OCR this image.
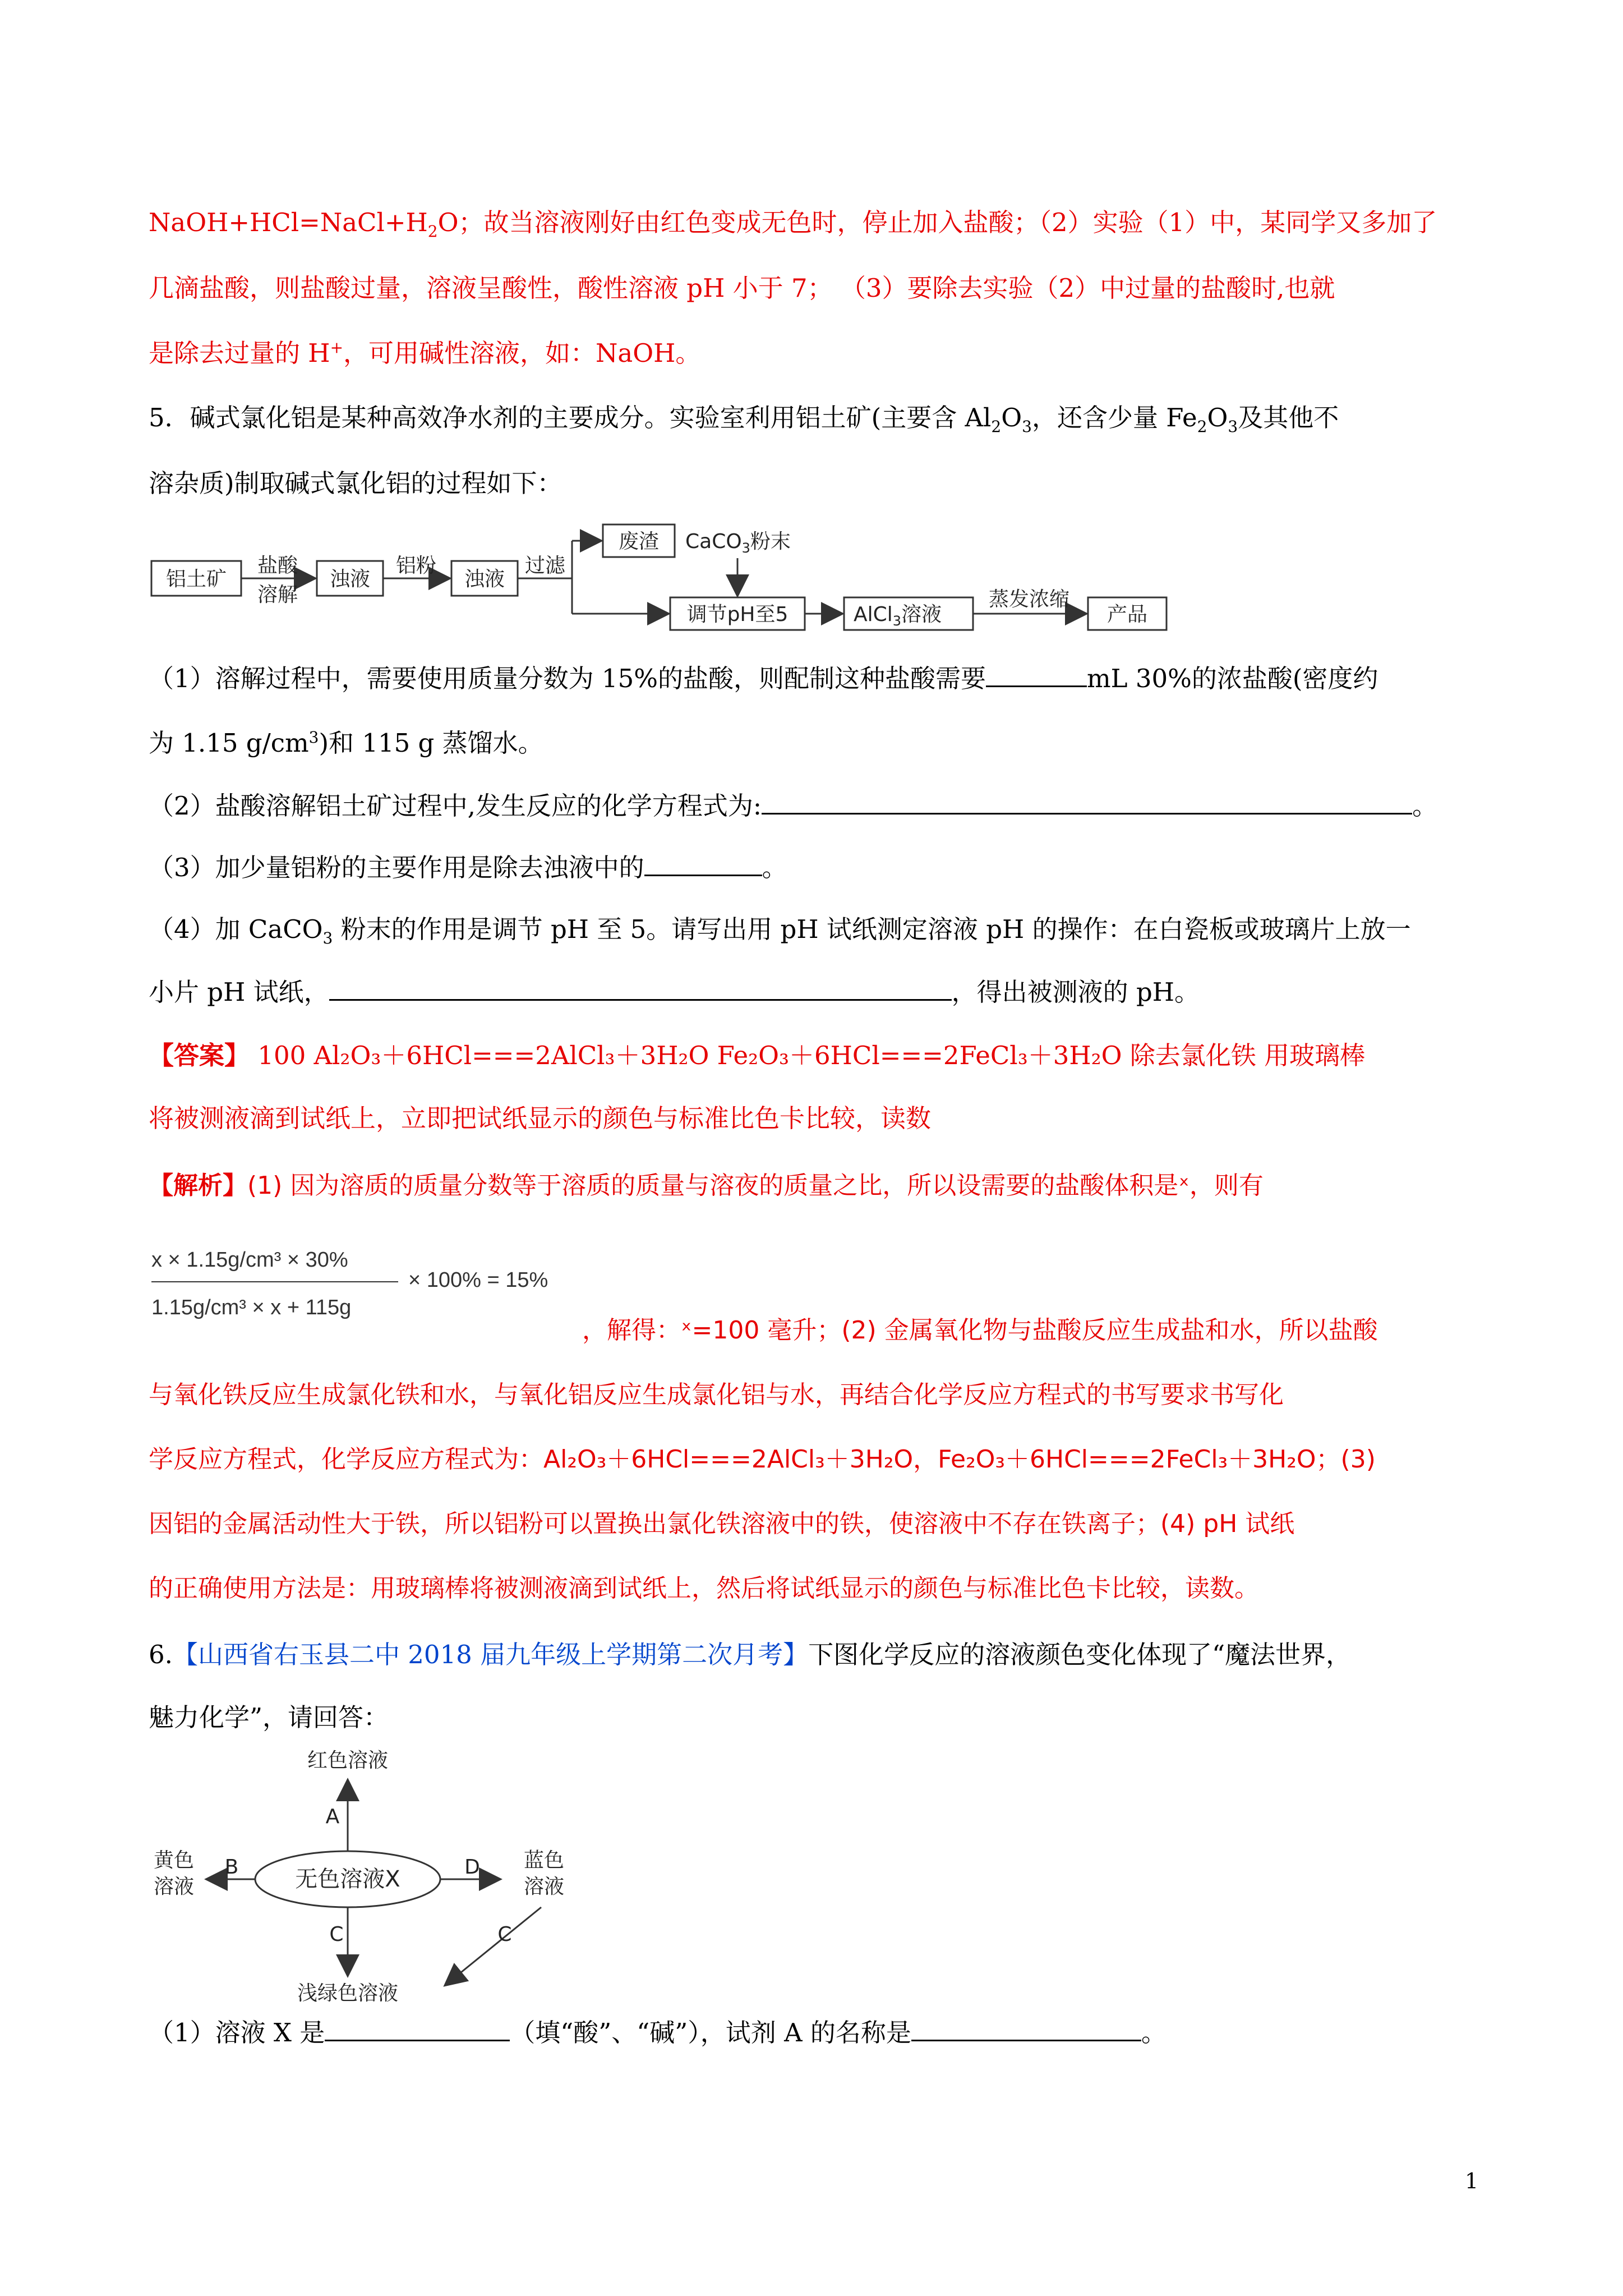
$NaOH+HCl=NaCl+H_2O$；故当溶液刚好由红色变成无色时，停止加入盐酸；（2）实验（1）中，某同学又多加了
几滴盐酸，则盐酸过量，溶液呈酸性，酸性溶液 pH 小于 7； （3）要除去实验（2）中过量的盐酸时,也就
是除去过量的 H+，可用碱性溶液，如：NaOH。
5．碱式氯化铝是某种高效净水剂的主要成分。实验室利用铝土矿(主要含 $Al_2O_3$，还含少量 $Fe_2O_3$及其他不
溶杂质)制取碱式氯化铝的过程如下：
铝土矿
盐酸
溶解
浊液
铝粉
浊液
过滤
废渣 CaCO$_3$粉末
调节pH至5	AlCl$_3$溶液
蒸发浓缩
产品
（1）溶解过程中，需要使用质量分数为 15%的盐酸，则配制这种盐酸需要	mL 30%的浓盐酸(密度约
为 1.15 $g/cm^3$)和 115 g 蒸馏水。
（2）盐酸溶解铝土矿过程中,发生反应的化学方程式为:	。
（3）加少量铝粉的主要作用是除去浊液中的	。
（4）加 CaCO$_3$ 粉末的作用是调节 pH 至 5。请写出用 pH 试纸测定溶液 pH 的操作：在白瓷板或玻璃片上放一
小片 pH 试纸，	，得出被测液的 pH。
【答案】 100 Al₂O₃＋6HCl===2AlCl₃＋3H₂O Fe₂O₃＋6HCl===2FeCl₃＋3H₂O 除去氯化铁 用玻璃棒
将被测液滴到试纸上，立即把试纸显示的颜色与标准比色卡比较，读数
【解析】(1) 因为溶质的质量分数等于溶质的质量与溶夜的质量之比，所以设需要的盐酸体积是ˣ，则有
x × 1.15g/cm³ × 30%
× 100% = 15%
1.15g/cm³ × x + 115g
，解得：ˣ=100 毫升；(2) 金属氧化物与盐酸反应生成盐和水，所以盐酸
与氧化铁反应生成氯化铁和水，与氧化铝反应生成氯化铝与水，再结合化学反应方程式的书写要求书写化
学反应方程式，化学反应方程式为：Al₂O₃＋6HCl===2AlCl₃＋3H₂O，Fe₂O₃＋6HCl===2FeCl₃＋3H₂O；(3)
因铝的金属活动性大于铁，所以铝粉可以置换出氯化铁溶液中的铁，使溶液中不存在铁离子；(4) pH 试纸
的正确使用方法是：用玻璃棒将被测液滴到试纸上，然后将试纸显示的颜色与标准比色卡比较，读数。
6.【山西省右玉县二中 2018 届九年级上学期第二次月考】下图化学反应的溶液颜色变化体现了“魔法世界，
魅力化学”，请回答：
红色溶液
A
黄色
溶液
B	无色溶液X	D 蓝色
溶液
C	C
浅绿色溶液
（1）溶液 X 是	（填“酸”、“碱”），试剂 A 的名称是	。
1
